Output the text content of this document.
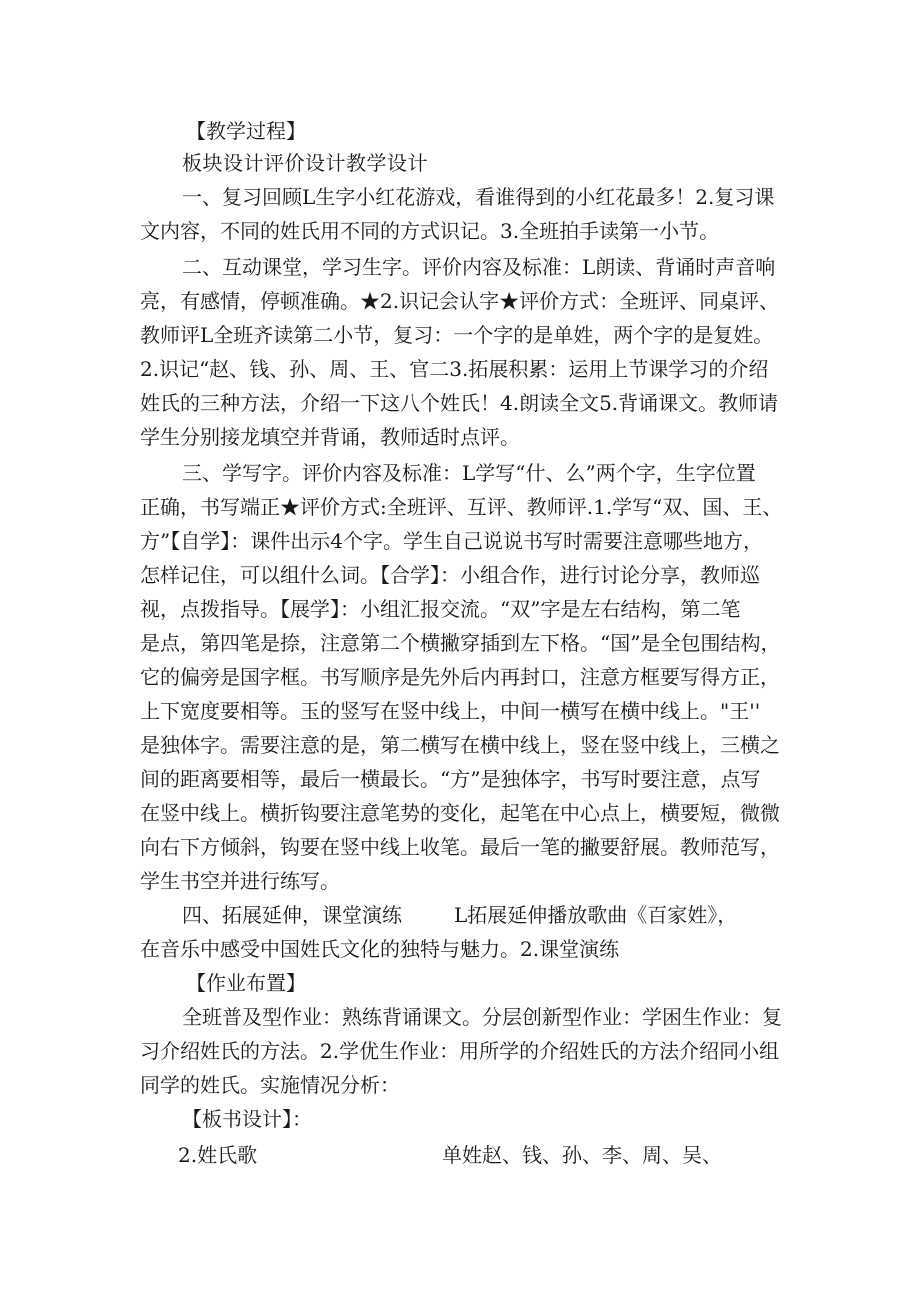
【教学过程】
板块设计评价设计教学设计
一、复习回顾L生字小红花游戏，看谁得到的小红花最多！2.复习课
文内容，不同的姓氏用不同的方式识记。3.全班拍手读第一小节。
二、互动课堂，学习生字。评价内容及标准：L朗读、背诵时声音响
亮，有感情，停顿准确。★2.识记会认字★评价方式：全班评、同桌评、
教师评L全班齐读第二小节，复习：一个字的是单姓，两个字的是复姓。
2.识记“赵、钱、孙、周、王、官二3.拓展积累：运用上节课学习的介绍
姓氏的三种方法，介绍一下这八个姓氏！4.朗读全文5.背诵课文。教师请
学生分别接龙填空并背诵，教师适时点评。
三、学写字。评价内容及标准：L学写“什、么”两个字，生字位置
正确，书写端正★评价方式:全班评、互评、教师评.1.学写“双、国、王、
方”【自学】：课件出示4个字。学生自己说说书写时需要注意哪些地方，
怎样记住，可以组什么词。【合学】：小组合作，进行讨论分享，教师巡
视，点拨指导。【展学】：小组汇报交流。“双”字是左右结构，第二笔
是点，第四笔是捺，注意第二个横撇穿插到左下格。“国”是全包围结构，
它的偏旁是国字框。书写顺序是先外后内再封口，注意方框要写得方正，
上下宽度要相等。玉的竖写在竖中线上，中间一横写在横中线上。"王''
是独体字。需要注意的是，第二横写在横中线上，竖在竖中线上，三横之
间的距离要相等，最后一横最长。“方”是独体字，书写时要注意，点写
在竖中线上。横折钩要注意笔势的变化，起笔在中心点上，横要短，微微
向右下方倾斜，钩要在竖中线上收笔。最后一笔的撇要舒展。教师范写，
学生书空并进行练写。
四、拓展延伸，课堂演练	L拓展延伸播放歌曲《百家姓》，
在音乐中感受中国姓氏文化的独特与魅力。2.课堂演练
【作业布置】
全班普及型作业：熟练背诵课文。分层创新型作业：学困生作业：复
习介绍姓氏的方法。2.学优生作业：用所学的介绍姓氏的方法介绍同小组
同学的姓氏。实施情况分析：
【板书设计】：
2.姓氏歌	单姓赵、钱、孙、李、周、吴、
